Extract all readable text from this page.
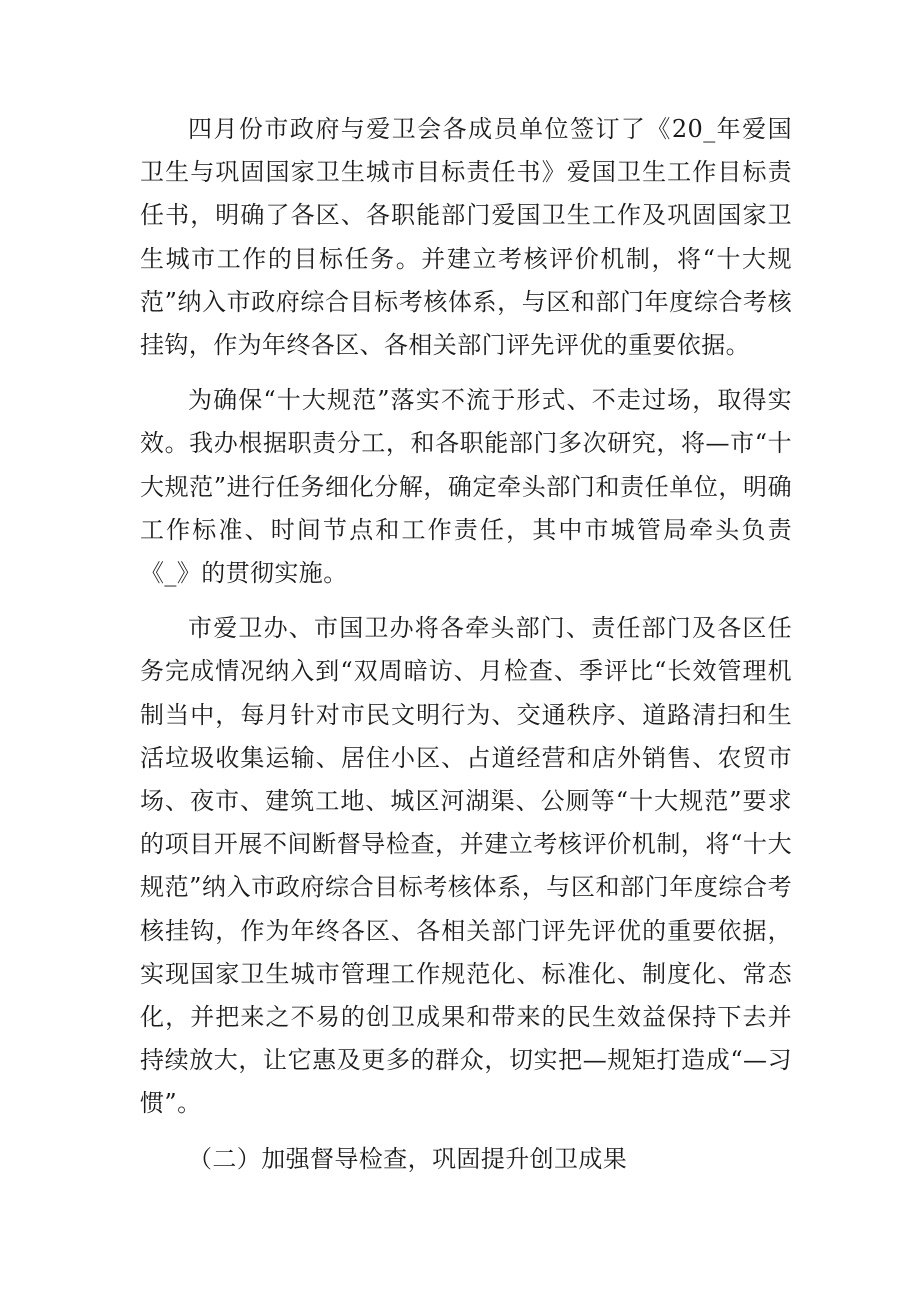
四月份市政府与爱卫会各成员单位签订了《20_年爱国卫生与巩固国家卫生城市目标责任书》爱国卫生工作目标责任书，明确了各区、各职能部门爱国卫生工作及巩固国家卫生城市工作的目标任务。并建立考核评价机制，将“十大规范”纳入市政府综合目标考核体系，与区和部门年度综合考核挂钩，作为年终各区、各相关部门评先评优的重要依据。

为确保“十大规范”落实不流于形式、不走过场，取得实效。我办根据职责分工，和各职能部门多次研究，将—市“十大规范”进行任务细化分解，确定牵头部门和责任单位，明确工作标准、时间节点和工作责任，其中市城管局牵头负责《_》的贯彻实施。

市爱卫办、市国卫办将各牵头部门、责任部门及各区任务完成情况纳入到“双周暗访、月检查、季评比“长效管理机制当中，每月针对市民文明行为、交通秩序、道路清扫和生活垃圾收集运输、居住小区、占道经营和店外销售、农贸市场、夜市、建筑工地、城区河湖渠、公厕等“十大规范”要求的项目开展不间断督导检查，并建立考核评价机制，将“十大规范”纳入市政府综合目标考核体系，与区和部门年度综合考核挂钩，作为年终各区、各相关部门评先评优的重要依据，实现国家卫生城市管理工作规范化、标准化、制度化、常态化，并把来之不易的创卫成果和带来的民生效益保持下去并持续放大，让它惠及更多的群众，切实把—规矩打造成“—习惯”。

（二）加强督导检查，巩固提升创卫成果
